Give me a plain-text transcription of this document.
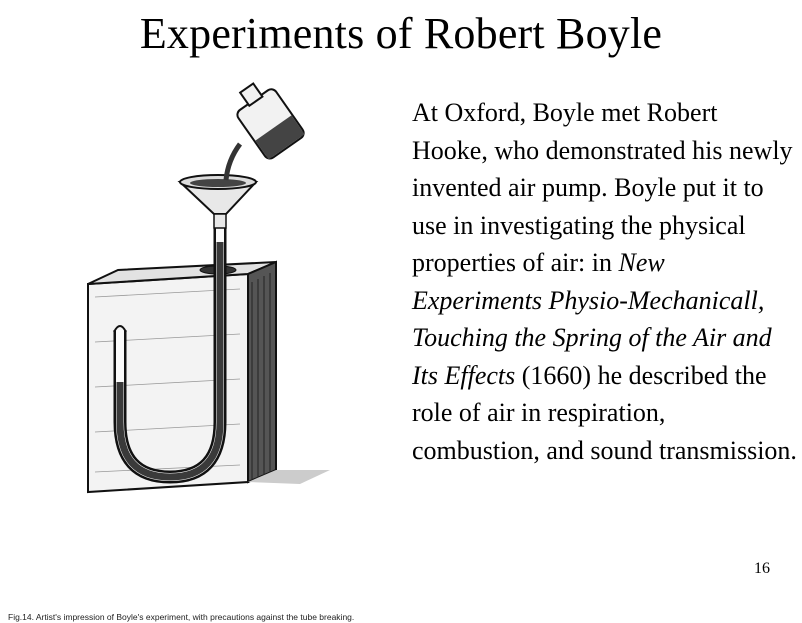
Experiments of Robert Boyle
Fig.14. Artist's impression of Boyle's experiment, with precautions against the tube breaking.

At Oxford, Boyle met Robert Hooke, who demonstrated his newly invented air pump. Boyle put it to use in investigating the physical properties of air: in New Experiments Physio-Mechanicall, Touching the Spring of the Air and Its Effects (1660) he described the role of air in respiration, combustion, and sound transmission.

16
